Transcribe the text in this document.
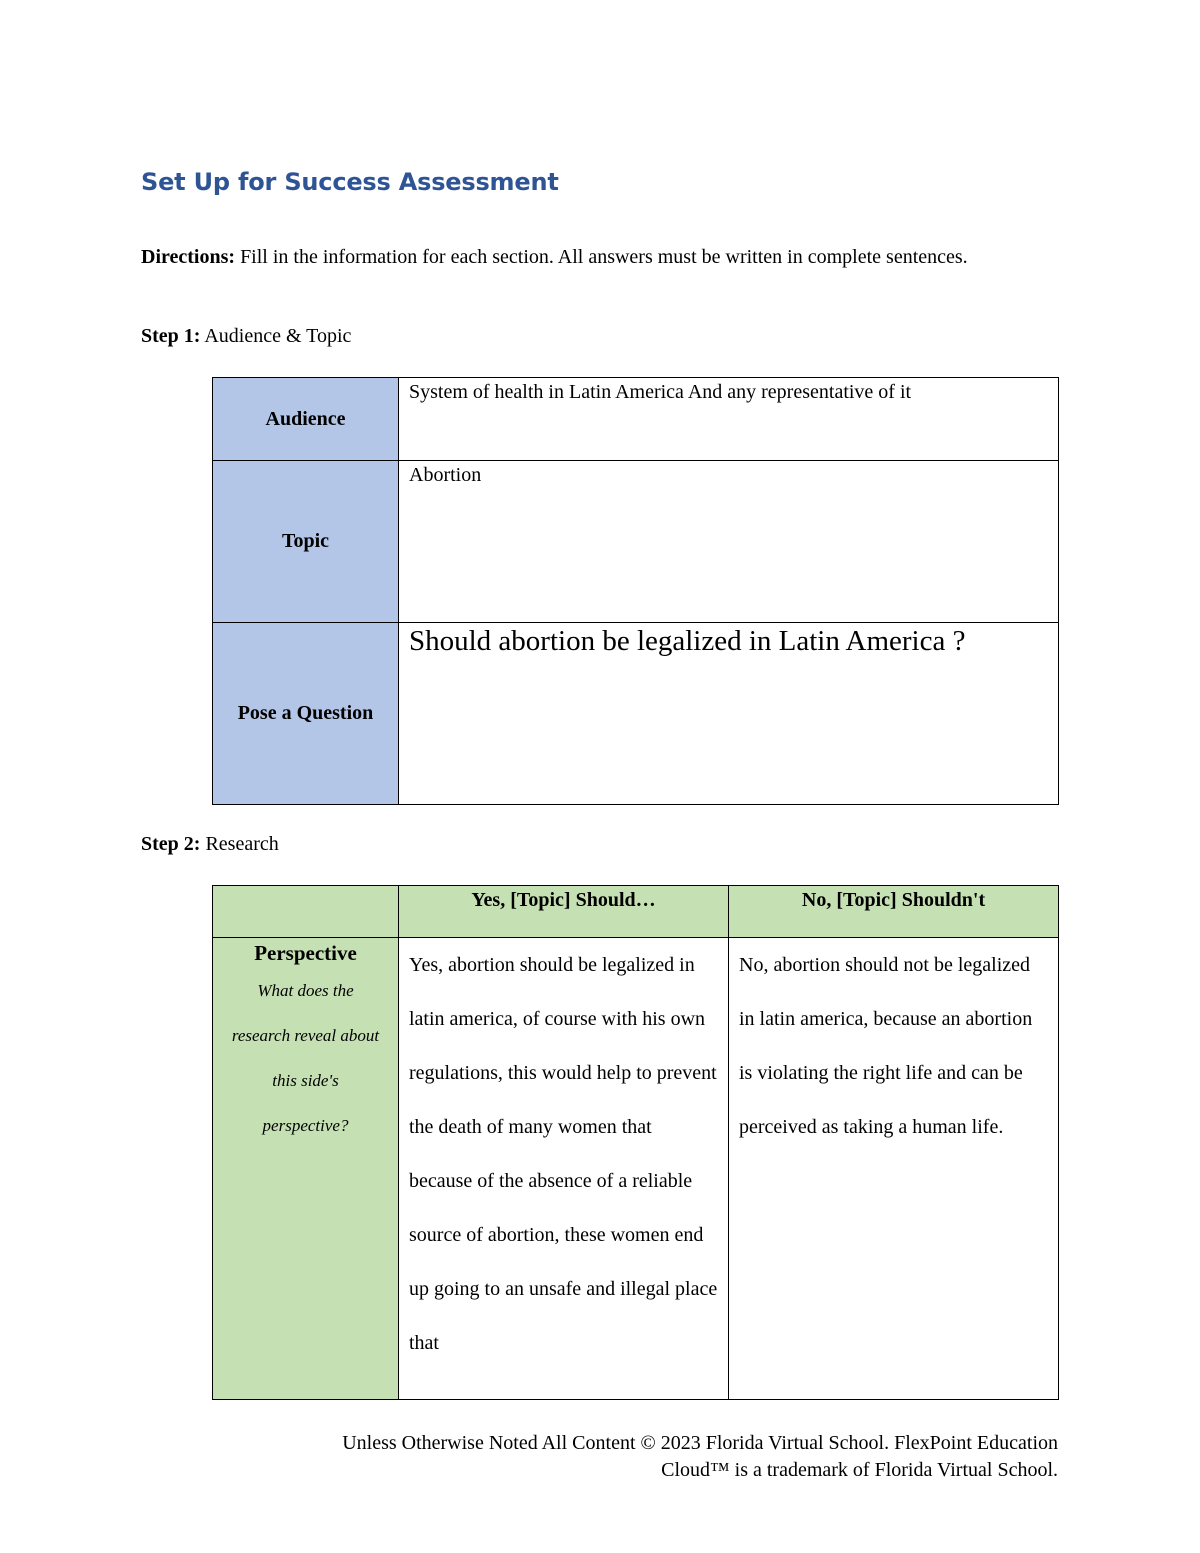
Set Up for Success Assessment
Directions: Fill in the information for each section. All answers must be written in complete sentences.
Step 1: Audience & Topic
Audience	System of health in Latin America And any representative of it
Topic	Abortion
Pose a Question	Should abortion be legalized in Latin America ?
Step 2: Research
	Yes, [Topic] Should…	No, [Topic] Shouldn't

Perspective
What does the research reveal about this side's perspective?	Yes, abortion should be legalized in latin america, of course with his own regulations, this would help to prevent the death of many women that because of the absence of a reliable source of abortion, these women end up going to an unsafe and illegal place that	No, abortion should not be legalized in latin america, because an abortion is violating the right life and can be perceived as taking a human life.
Unless Otherwise Noted All Content © 2023 Florida Virtual School. FlexPoint Education
Cloud™ is a trademark of Florida Virtual School.
